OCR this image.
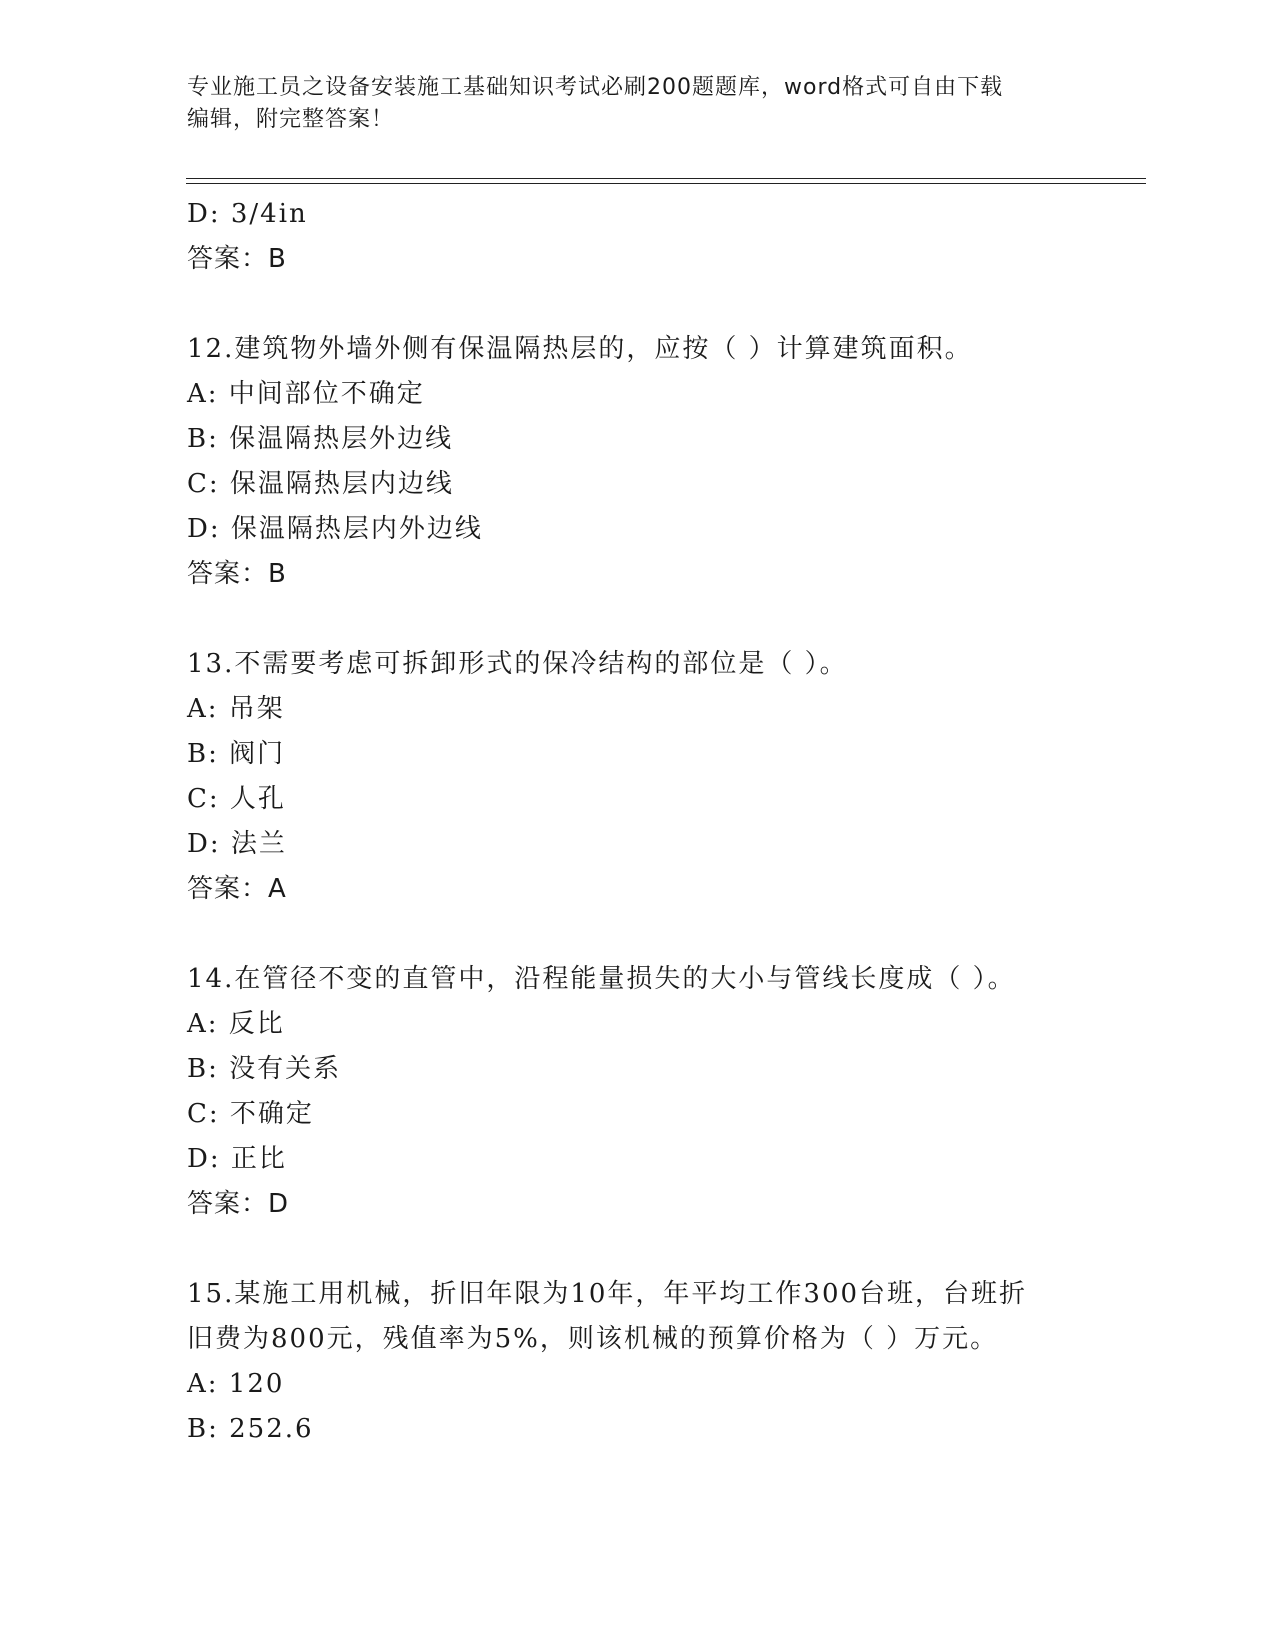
专业施工员之设备安装施工基础知识考试必刷200题题库，word格式可自由下载
编辑，附完整答案！
D: 3/4in
答案：B
12.建筑物外墙外侧有保温隔热层的，应按（ ）计算建筑面积。
A: 中间部位不确定
B: 保温隔热层外边线
C: 保温隔热层内边线
D: 保温隔热层内外边线
答案：B
13.不需要考虑可拆卸形式的保冷结构的部位是（ ）。
A: 吊架
B: 阀门
C: 人孔
D: 法兰
答案：A
14.在管径不变的直管中，沿程能量损失的大小与管线长度成（ ）。
A: 反比
B: 没有关系
C: 不确定
D: 正比
答案：D
15.某施工用机械，折旧年限为10年，年平均工作300台班，台班折
旧费为800元，残值率为5%，则该机械的预算价格为（ ）万元。
A: 120
B: 252.6
